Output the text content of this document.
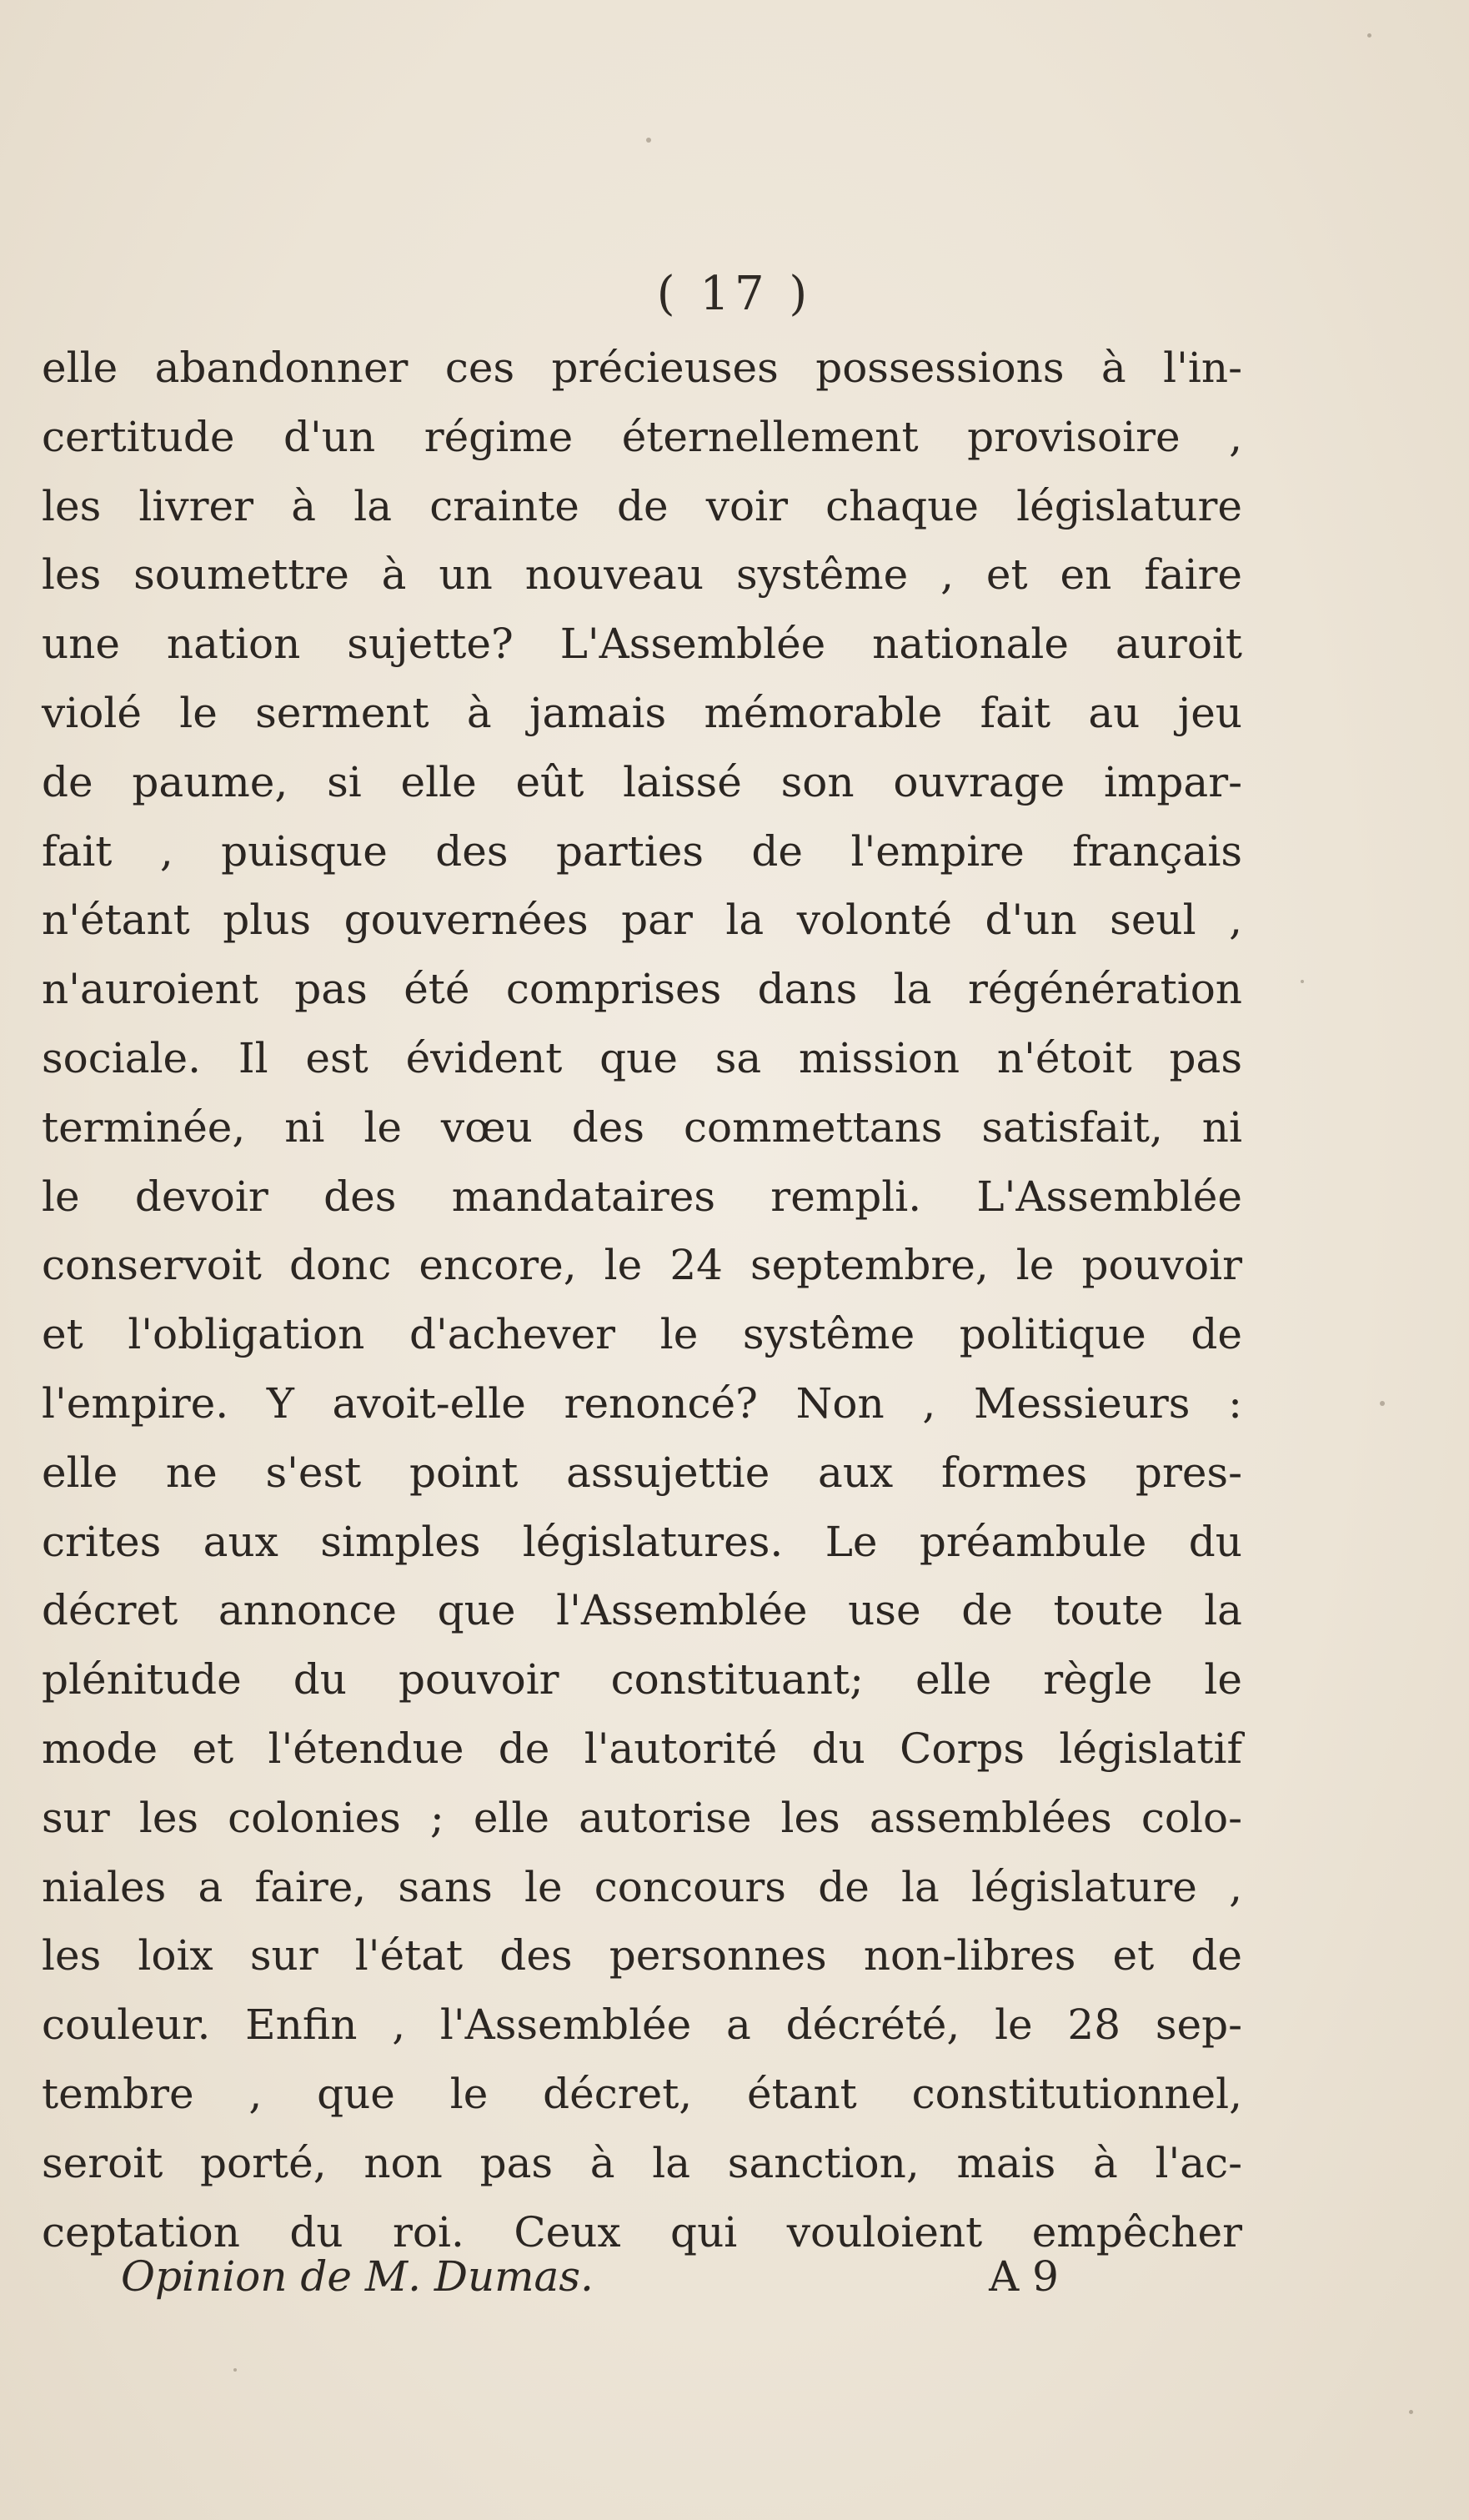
( 17 )
elle abandonner ces précieuses possessions à l'in-
certitude d'un régime éternellement provisoire ,
les livrer à la crainte de voir chaque législature
les soumettre à un nouveau systême , et en faire
une nation sujette? L'Assemblée nationale auroit
violé le serment à jamais mémorable fait au jeu
de paume, si elle eût laissé son ouvrage impar-
fait , puisque des parties de l'empire français
n'étant plus gouvernées par la volonté d'un seul ,
n'auroient pas été comprises dans la régénération
sociale. Il est évident que sa mission n'étoit pas
terminée, ni le vœu des commettans satisfait, ni
le devoir des mandataires rempli. L'Assemblée
conservoit donc encore, le 24 septembre, le pouvoir
et l'obligation d'achever le systême politique de
l'empire. Y avoit-elle renoncé? Non , Messieurs :
elle ne s'est point assujettie aux formes pres-
crites aux simples législatures. Le préambule du
décret annonce que l'Assemblée use de toute la
plénitude du pouvoir constituant; elle règle le
mode et l'étendue de l'autorité du Corps législatif
sur les colonies ; elle autorise les assemblées colo-
niales a faire, sans le concours de la législature ,
les loix sur l'état des personnes non-libres et de
couleur. Enfin , l'Assemblée a décrété, le 28 sep-
tembre , que le décret, étant constitutionnel,
seroit porté, non pas à la sanction, mais à l'ac-
ceptation du roi. Ceux qui vouloient empêcher
Opinion de M. Dumas.	A 9
